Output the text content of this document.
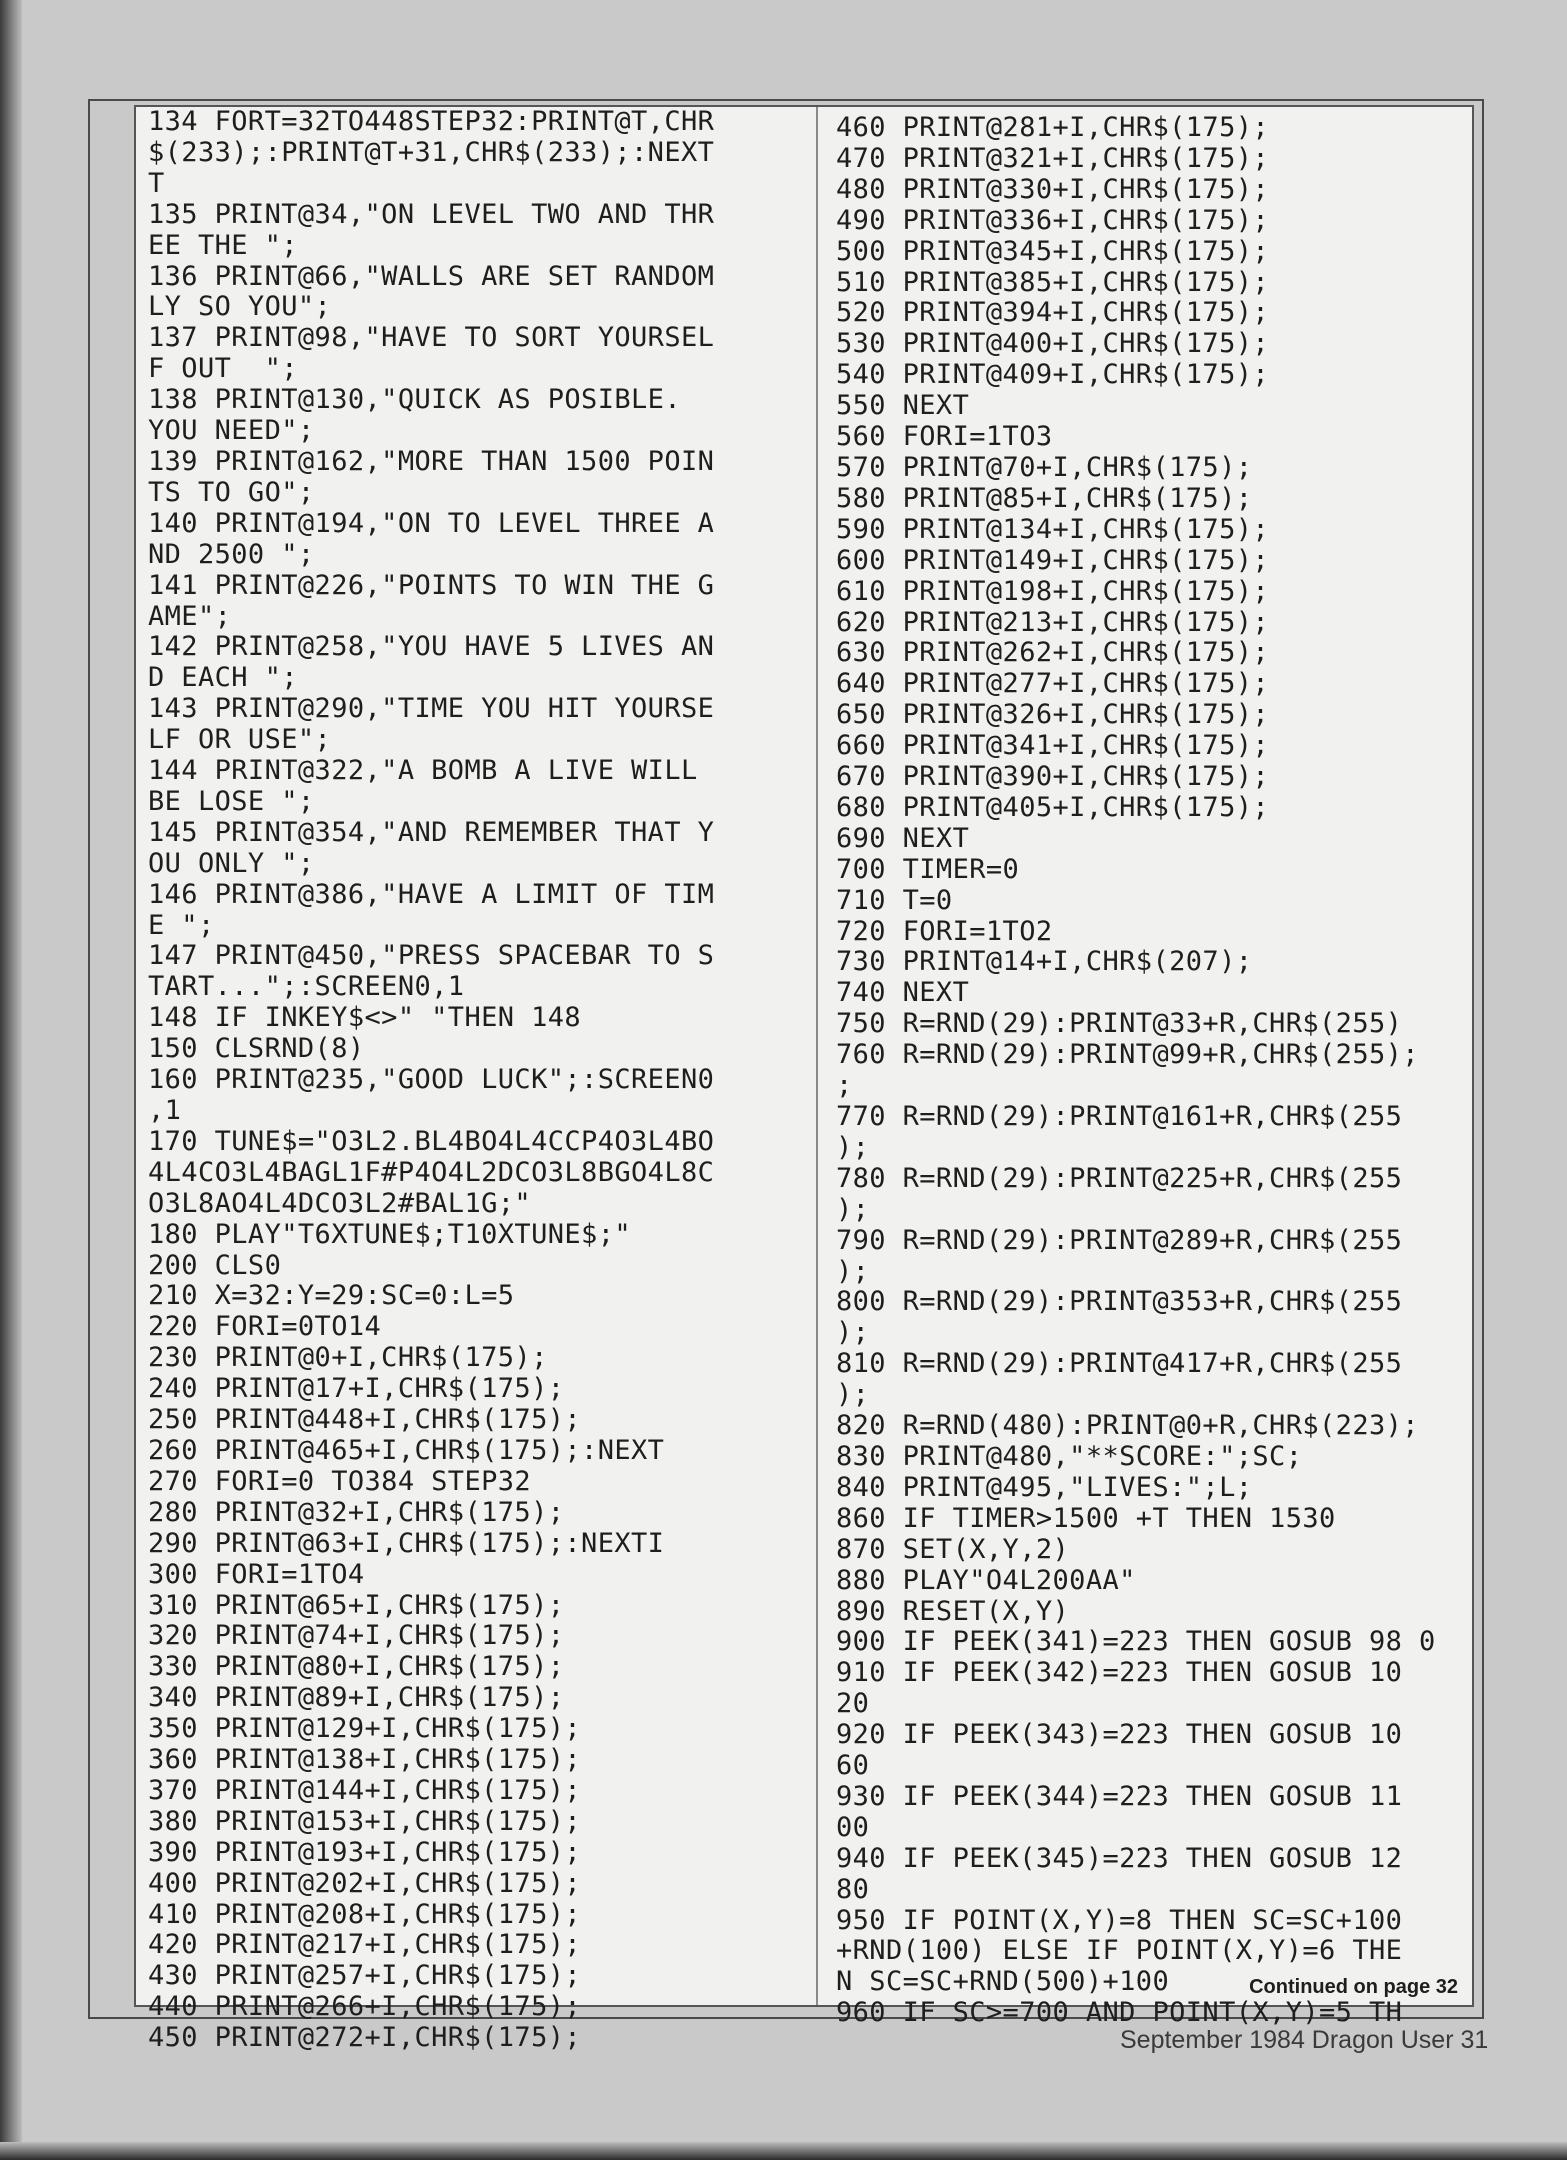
134 FORT=32TO448STEP32:PRINT@T,CHR
$(233);:PRINT@T+31,CHR$(233);:NEXT
T
135 PRINT@34,"ON LEVEL TWO AND THR
EE THE ";
136 PRINT@66,"WALLS ARE SET RANDOM
LY SO YOU";
137 PRINT@98,"HAVE TO SORT YOURSEL
F OUT  ";
138 PRINT@130,"QUICK AS POSIBLE.
YOU NEED";
139 PRINT@162,"MORE THAN 1500 POIN
TS TO GO";
140 PRINT@194,"ON TO LEVEL THREE A
ND 2500 ";
141 PRINT@226,"POINTS TO WIN THE G
AME";
142 PRINT@258,"YOU HAVE 5 LIVES AN
D EACH ";
143 PRINT@290,"TIME YOU HIT YOURSE
LF OR USE";
144 PRINT@322,"A BOMB A LIVE WILL
BE LOSE ";
145 PRINT@354,"AND REMEMBER THAT Y
OU ONLY ";
146 PRINT@386,"HAVE A LIMIT OF TIM
E ";
147 PRINT@450,"PRESS SPACEBAR TO S
TART...";:SCREEN0,1
148 IF INKEY$<>" "THEN 148
150 CLSRND(8)
160 PRINT@235,"GOOD LUCK";:SCREEN0
,1
170 TUNE$="O3L2.BL4BO4L4CCP4O3L4BO
4L4CO3L4BAGL1F#P4O4L2DCO3L8BGO4L8C
O3L8AO4L4DCO3L2#BAL1G;"
180 PLAY"T6XTUNE$;T10XTUNE$;"
200 CLS0
210 X=32:Y=29:SC=0:L=5
220 FORI=0TO14
230 PRINT@0+I,CHR$(175);
240 PRINT@17+I,CHR$(175);
250 PRINT@448+I,CHR$(175);
260 PRINT@465+I,CHR$(175);:NEXT
270 FORI=0 TO384 STEP32
280 PRINT@32+I,CHR$(175);
290 PRINT@63+I,CHR$(175);:NEXTI
300 FORI=1TO4
310 PRINT@65+I,CHR$(175);
320 PRINT@74+I,CHR$(175);
330 PRINT@80+I,CHR$(175);
340 PRINT@89+I,CHR$(175);
350 PRINT@129+I,CHR$(175);
360 PRINT@138+I,CHR$(175);
370 PRINT@144+I,CHR$(175);
380 PRINT@153+I,CHR$(175);
390 PRINT@193+I,CHR$(175);
400 PRINT@202+I,CHR$(175);
410 PRINT@208+I,CHR$(175);
420 PRINT@217+I,CHR$(175);
430 PRINT@257+I,CHR$(175);
440 PRINT@266+I,CHR$(175);
450 PRINT@272+I,CHR$(175);
460 PRINT@281+I,CHR$(175);
470 PRINT@321+I,CHR$(175);
480 PRINT@330+I,CHR$(175);
490 PRINT@336+I,CHR$(175);
500 PRINT@345+I,CHR$(175);
510 PRINT@385+I,CHR$(175);
520 PRINT@394+I,CHR$(175);
530 PRINT@400+I,CHR$(175);
540 PRINT@409+I,CHR$(175);
550 NEXT
560 FORI=1TO3
570 PRINT@70+I,CHR$(175);
580 PRINT@85+I,CHR$(175);
590 PRINT@134+I,CHR$(175);
600 PRINT@149+I,CHR$(175);
610 PRINT@198+I,CHR$(175);
620 PRINT@213+I,CHR$(175);
630 PRINT@262+I,CHR$(175);
640 PRINT@277+I,CHR$(175);
650 PRINT@326+I,CHR$(175);
660 PRINT@341+I,CHR$(175);
670 PRINT@390+I,CHR$(175);
680 PRINT@405+I,CHR$(175);
690 NEXT
700 TIMER=0
710 T=0
720 FORI=1TO2
730 PRINT@14+I,CHR$(207);
740 NEXT
750 R=RND(29):PRINT@33+R,CHR$(255)
760 R=RND(29):PRINT@99+R,CHR$(255);
;
770 R=RND(29):PRINT@161+R,CHR$(255
);
780 R=RND(29):PRINT@225+R,CHR$(255
);
790 R=RND(29):PRINT@289+R,CHR$(255
);
800 R=RND(29):PRINT@353+R,CHR$(255
);
810 R=RND(29):PRINT@417+R,CHR$(255
);
820 R=RND(480):PRINT@0+R,CHR$(223);
830 PRINT@480,"**SCORE:";SC;
840 PRINT@495,"LIVES:";L;
860 IF TIMER>1500 +T THEN 1530
870 SET(X,Y,2)
880 PLAY"O4L200AA"
890 RESET(X,Y)
900 IF PEEK(341)=223 THEN GOSUB 98 0
910 IF PEEK(342)=223 THEN GOSUB 10
20
920 IF PEEK(343)=223 THEN GOSUB 10
60
930 IF PEEK(344)=223 THEN GOSUB 11
00
940 IF PEEK(345)=223 THEN GOSUB 12
80
950 IF POINT(X,Y)=8 THEN SC=SC+100
+RND(100) ELSE IF POINT(X,Y)=6 THE
N SC=SC+RND(500)+100
960 IF SC>=700 AND POINT(X,Y)=5 TH
Continued on page 32
September 1984 Dragon User 31
